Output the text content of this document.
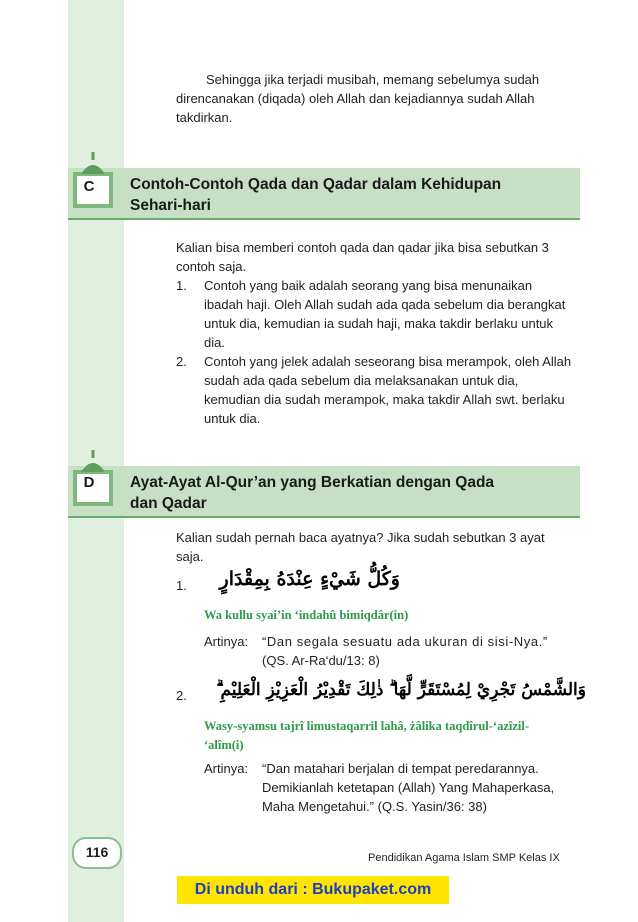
Sehingga jika terjadi musibah, memang sebelumya sudah

direncanakan (diqada) oleh Allah dan kejadiannya sudah Allah

takdirkan.

C	Contoh-Contoh Qada dan Qadar dalam Kehidupan
Sehari-hari

Kalian bisa memberi contoh qada dan qadar jika bisa sebutkan 3

contoh saja.

1. Contoh yang baik adalah seorang yang bisa menunaikan
ibadah haji. Oleh Allah sudah ada qada sebelum dia berangkat
untuk dia, kemudian ia sudah haji, maka takdir berlaku untuk
dia.
2. Contoh yang jelek adalah seseorang bisa merampok, oleh Allah
sudah ada qada sebelum dia melaksanakan untuk dia,
kemudian dia sudah merampok, maka takdir Allah swt. berlaku
untuk dia.
D	Ayat-Ayat Al-Qur’an yang Berkatian dengan Qada
dan Qadar

Kalian sudah pernah baca ayatnya? Jika sudah sebutkan 3 ayat

saja.

1. وَكُلُّ شَيْءٍ عِنْدَهُ بِمِقْدَارٍ
Wa kullu syai’in ‘indahû bimiqdâr(in)
Artinya: “Dan segala sesuatu ada ukuran di sisi-Nya.”
(QS. Ar-Ra‘du/13: 8)
2. وَالشَّمْسُ تَجْرِيْ لِمُسْتَقَرٍّ لَّهَا ۗ ذٰلِكَ تَقْدِيْرُ الْعَزِيْزِ الْعَلِيْمِ ۗ
Wasy-syamsu tajrî limustaqarril lahâ, żâlika taqdîrul-‘azîzil-
‘alîm(i)
Artinya: “Dan matahari berjalan di tempat peredarannya.
Demikianlah ketetapan (Allah) Yang Mahaperkasa,
Maha Mengetahui.” (Q.S. Yasin/36: 38)
116	Pendidikan Agama Islam SMP Kelas IX
Di unduh dari : Bukupaket.com
